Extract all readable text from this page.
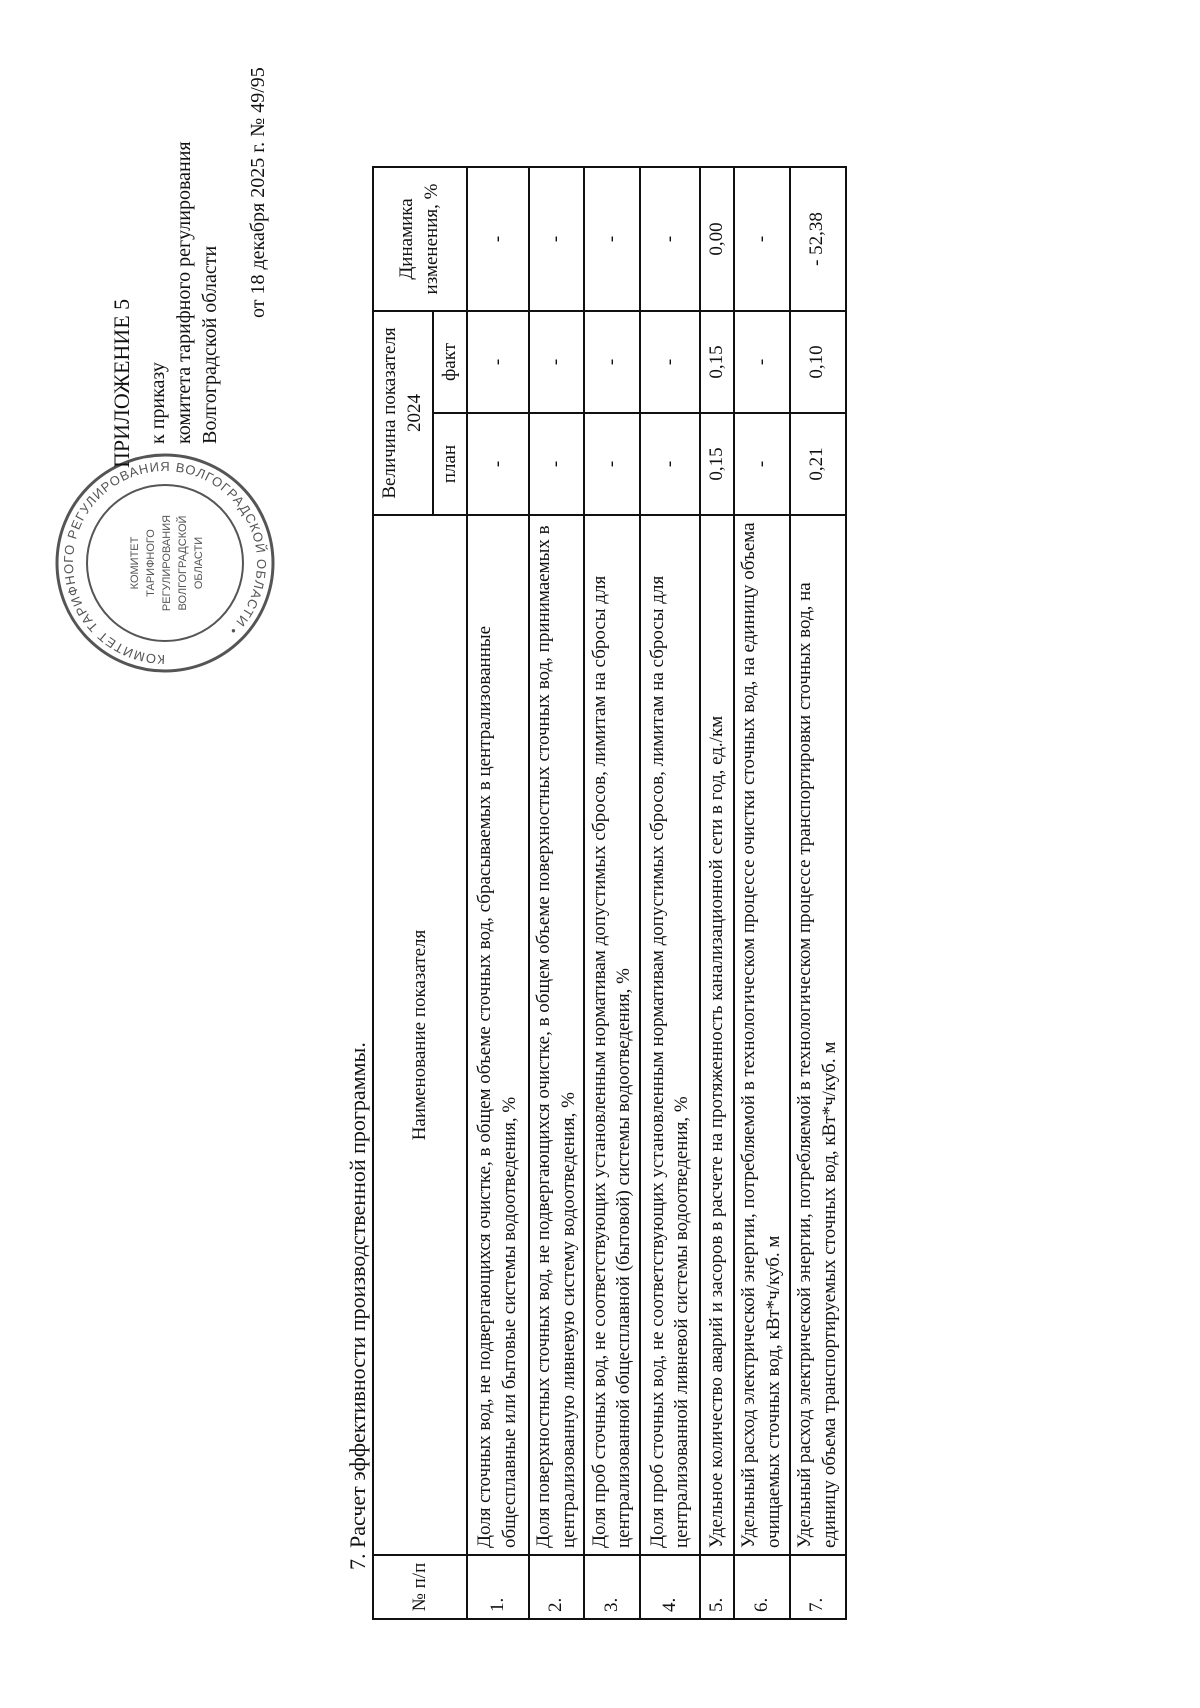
КОМИТЕТ ТАРИФНОГО РЕГУЛИРОВАНИЯ ВОЛГОГРАДСКОЙ ОБЛАСТИ •
КОМИТЕТ ТАРИФНОГО РЕГУЛИРОВАНИЯ ВОЛГОГРАДСКОЙ ОБЛАСТИ
ПРИЛОЖЕНИЕ 5 к приказу комитета тарифного регулирования Волгоградской области
от 18 декабря 2025 г. № 49/95
7. Расчет эффективности производственной программы.
№ п/п	Наименование показателя	Величина показателя 2024		Динамика изменения, %
		план	факт	
1.	Доля сточных вод, не подвергающихся очистке, в общем объеме сточных вод, сбрасываемых в централизованные общесплавные или бытовые системы водоотведения, %	-	-	-
2.	Доля поверхностных сточных вод, не подвергающихся очистке, в общем объеме поверхностных сточных вод, принимаемых в централизованную ливневую систему водоотведения, %	-	-	-
3.	Доля проб сточных вод, не соответствующих установленным нормативам допустимых сбросов, лимитам на сбросы для централизованной общесплавной (бытовой) системы водоотведения, %	-	-	-
4.	Доля проб сточных вод, не соответствующих установленным нормативам допустимых сбросов, лимитам на сбросы для централизованной ливневой системы водоотведения, %	-	-	-
5.	Удельное количество аварий и засоров в расчете на протяженность канализационной сети в год, ед./км	0,15	0,15	0,00
6.	Удельный расход электрической энергии, потребляемой в технологическом процессе очистки сточных вод, на единицу объема очищаемых сточных вод, кВт*ч/куб. м	-	-	-
7.	Удельный расход электрической энергии, потребляемой в технологическом процессе транспортировки сточных вод, на единицу объема транспортируемых сточных вод, кВт*ч/куб. м	0,21	0,10	- 52,38
